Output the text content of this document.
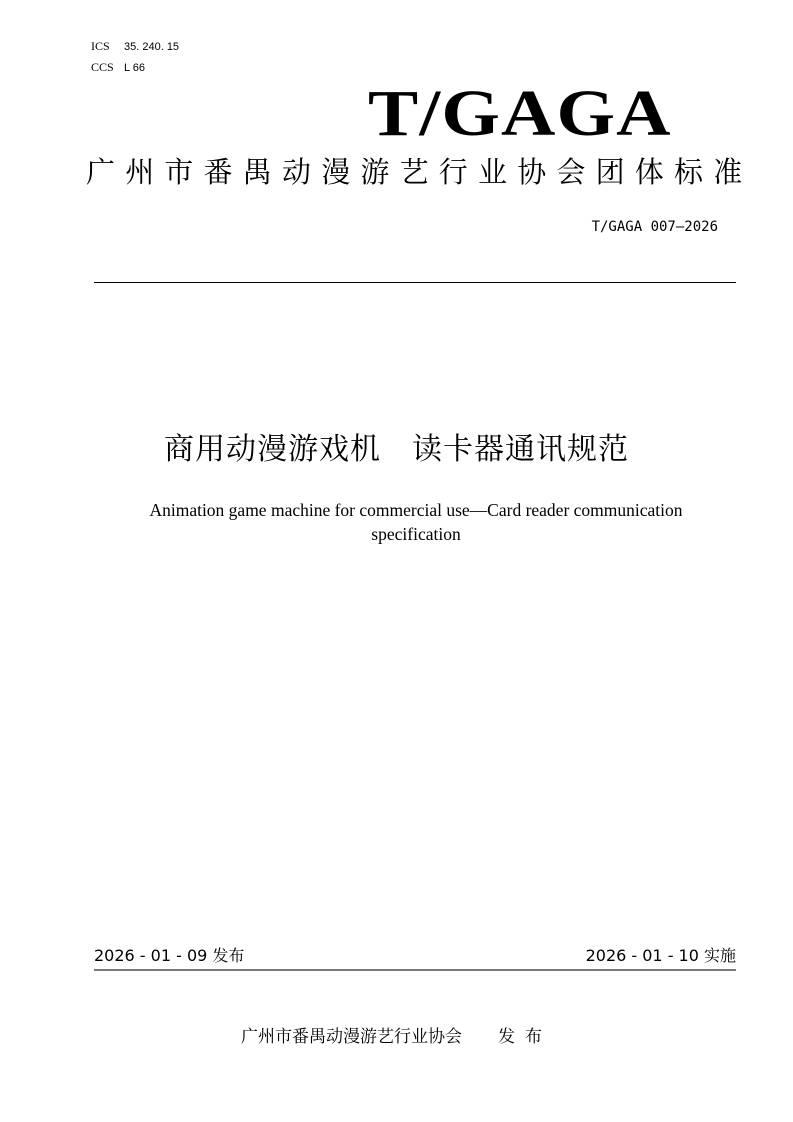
ICS 35. 240. 15
CCS L 66
T/GAGA
广州市番禺动漫游艺行业协会团体标准
T/GAGA 007—2026
商用动漫游戏机　读卡器通讯规范
Animation game machine for commercial use—Card reader communication specification
2026 - 01 - 09 发布	2026 - 01 - 10 实施
广州市番禺动漫游艺行业协会 发布
